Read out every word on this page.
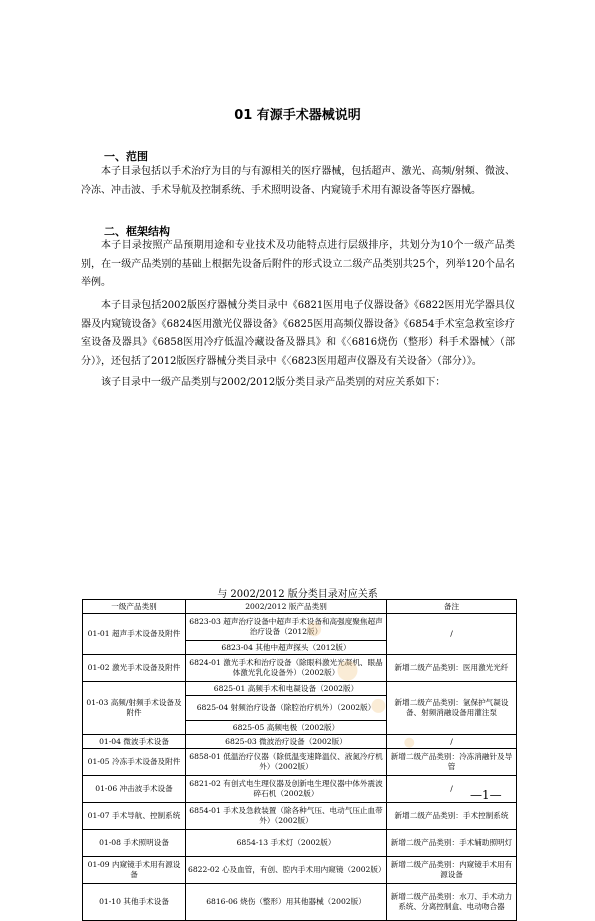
01 有源手术器械说明
一、范围
本子目录包括以手术治疗为目的与有源相关的医疗器械，包括超声、激光、高频/射频、微波、冷冻、冲击波、手术导航及控制系统、手术照明设备、内窥镜手术用有源设备等医疗器械。
二、框架结构
本子目录按照产品预期用途和专业技术及功能特点进行层级排序，共划分为10个一级产品类别，在一级产品类别的基础上根据先设备后附件的形式设立二级产品类别共25个，列举120个品名举例。
本子目录包括2002版医疗器械分类目录中《6821医用电子仪器设备》《6822医用光学器具仪器及内窥镜设备》《6824医用激光仪器设备》《6825医用高频仪器设备》《6854手术室急救室诊疗室设备及器具》《6858医用冷疗低温冷藏设备及器具》和《〈6816烧伤（整形）科手术器械〉（部分）》，还包括了2012版医疗器械分类目录中《〈6823医用超声仪器及有关设备〉（部分）》。
该子目录中一级产品类别与2002/2012版分类目录产品类别的对应关系如下：
与 2002/2012 版分类目录对应关系
一级产品类别	2002/2012 版产品类别	备注
01-01 超声手术设备及附件	6823-03 超声治疗设备中超声手术设备和高强度聚焦超声治疗设备（2012版）	/
	6823-04 其他中超声探头（2012版）	
01-02 激光手术设备及附件	6824-01 激光手术和治疗设备（除眼科激光光凝机、眼晶体激光乳化设备外）（2002版）	新增二级产品类别：医用激光光纤
01-03 高频/射频手术设备及附件	6825-01 高频手术和电凝设备（2002版）	新增二级产品类别：氩保护气凝设备、射频消融设备用灌注泵
	6825-04 射频治疗设备（除腔治疗机外）（2002版）	
	6825-05 高频电极（2002版）	
01-04 微波手术设备	6825-03 微波治疗设备（2002版）	/
01-05 冷冻手术设备及附件	6858-01 低温治疗仪器（除低温变速降温仪、液氮冷疗机外）（2002版）	新增二级产品类别：冷冻消融针及导管
01-06 冲击波手术设备	6821-02 有创式电生理仪器及创新电生理仪器中体外震波碎石机（2002版）	/
01-07 手术导航、控制系统	6854-01 手术及急救装置（除各种气压、电动气压止血带外）（2002版）	新增二级产品类别：手术控制系统
01-08 手术照明设备	6854-13 手术灯（2002版）	新增二级产品类别：手术辅助照明灯
01-09 内窥镜手术用有源设备	6822-02 心及血管，有创、腔内手术用内窥镜（2002版）	新增二级产品类别：内窥镜手术用有源设备
01-10 其他手术设备	6816-06 烧伤（整形）用其他器械（2002版）	新增二级产品类别：水刀、手术动力系统、分离控制盒、电动吻合器
—1—
